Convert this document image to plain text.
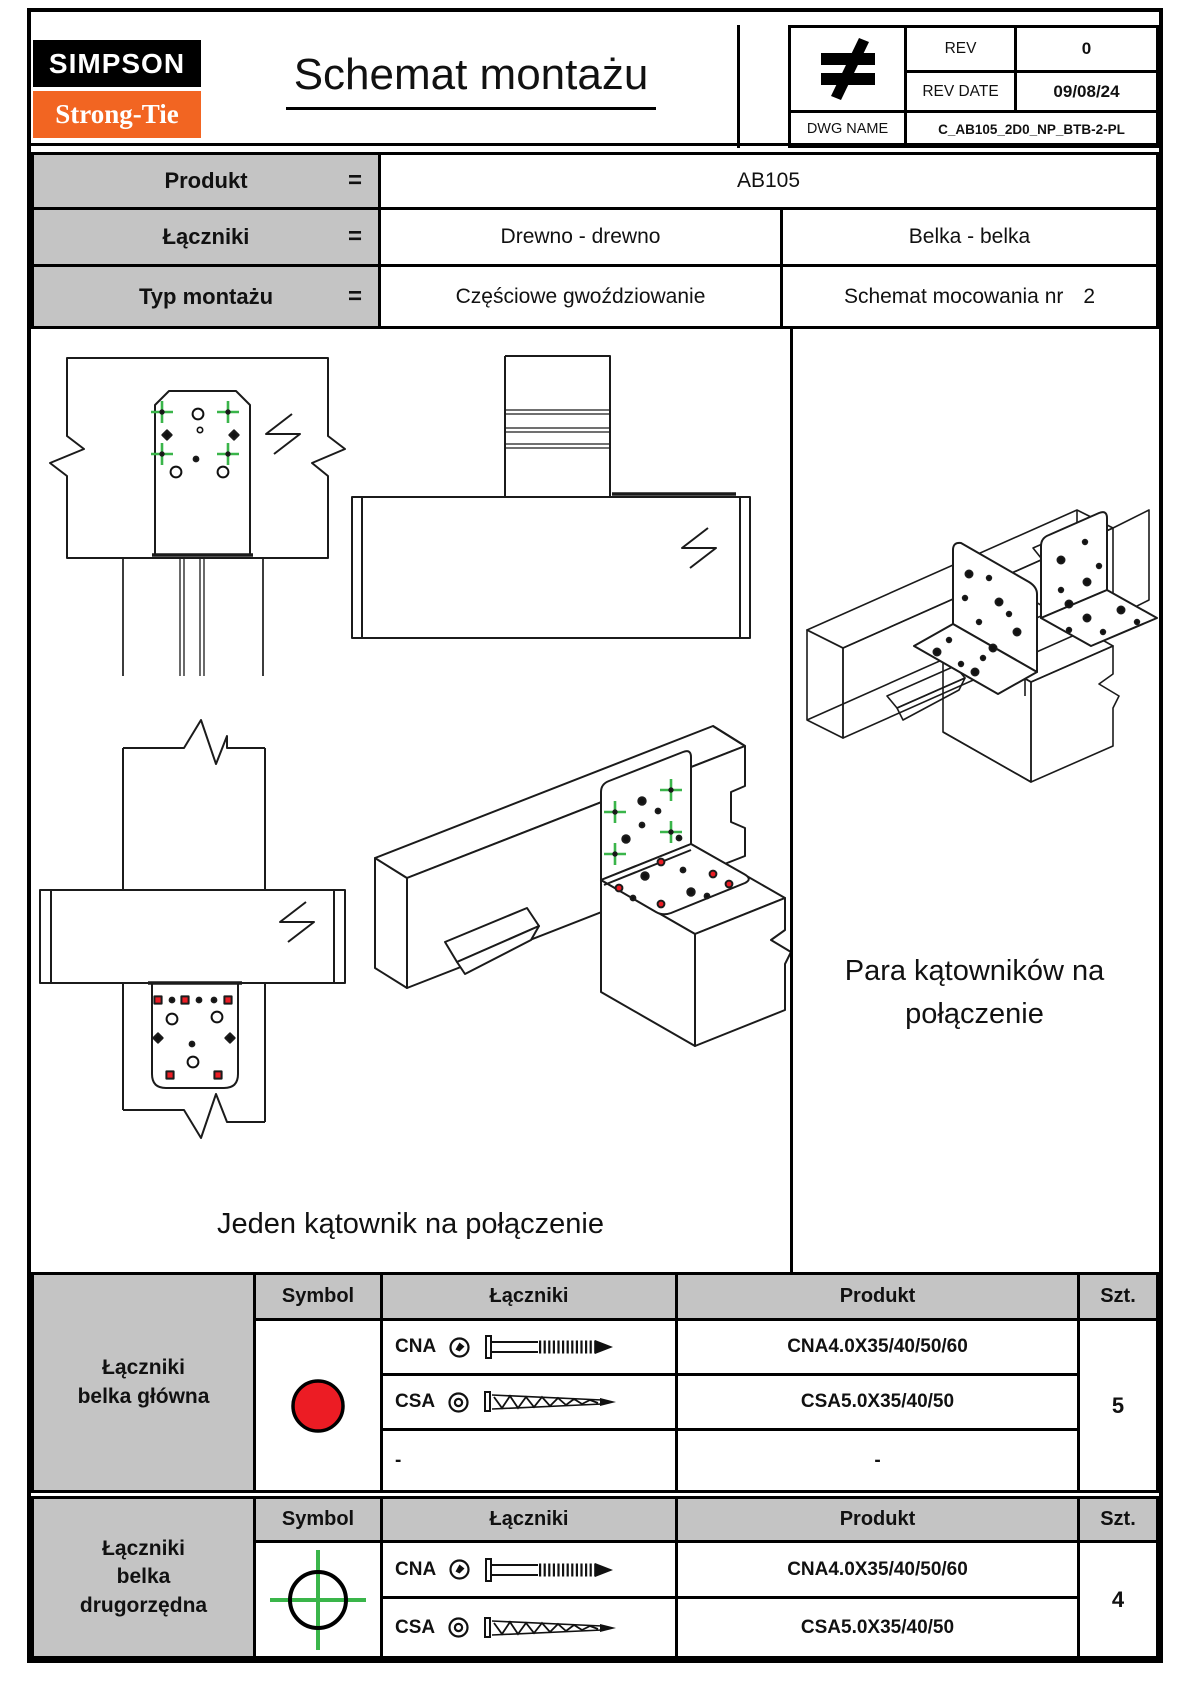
SIMPSON
Strong-Tie
Schemat montażu
REV	0
REV DATE	09/08/24
DWG NAME	C_AB105_2D0_NP_BTB-2-PL
Produkt	=	AB105
Łączniki	=	Drewno - drewno	Belka - belka
Typ montażu	=	Częściowe gwoździowanie	Schemat mocowania nr 2
Jeden kątownik na połączenie
Para kątowników na
połączenie
Łączniki
belka główna
Symbol	Łączniki	Produkt	Szt.
CNA	CNA4.0X35/40/50/60
5
CSA	CSA5.0X35/40/50
-	-
Łączniki
belka
drugorzędna
Symbol	Łączniki	Produkt	Szt.
CNA	CNA4.0X35/40/50/60
4
CSA	CSA5.0X35/40/50
